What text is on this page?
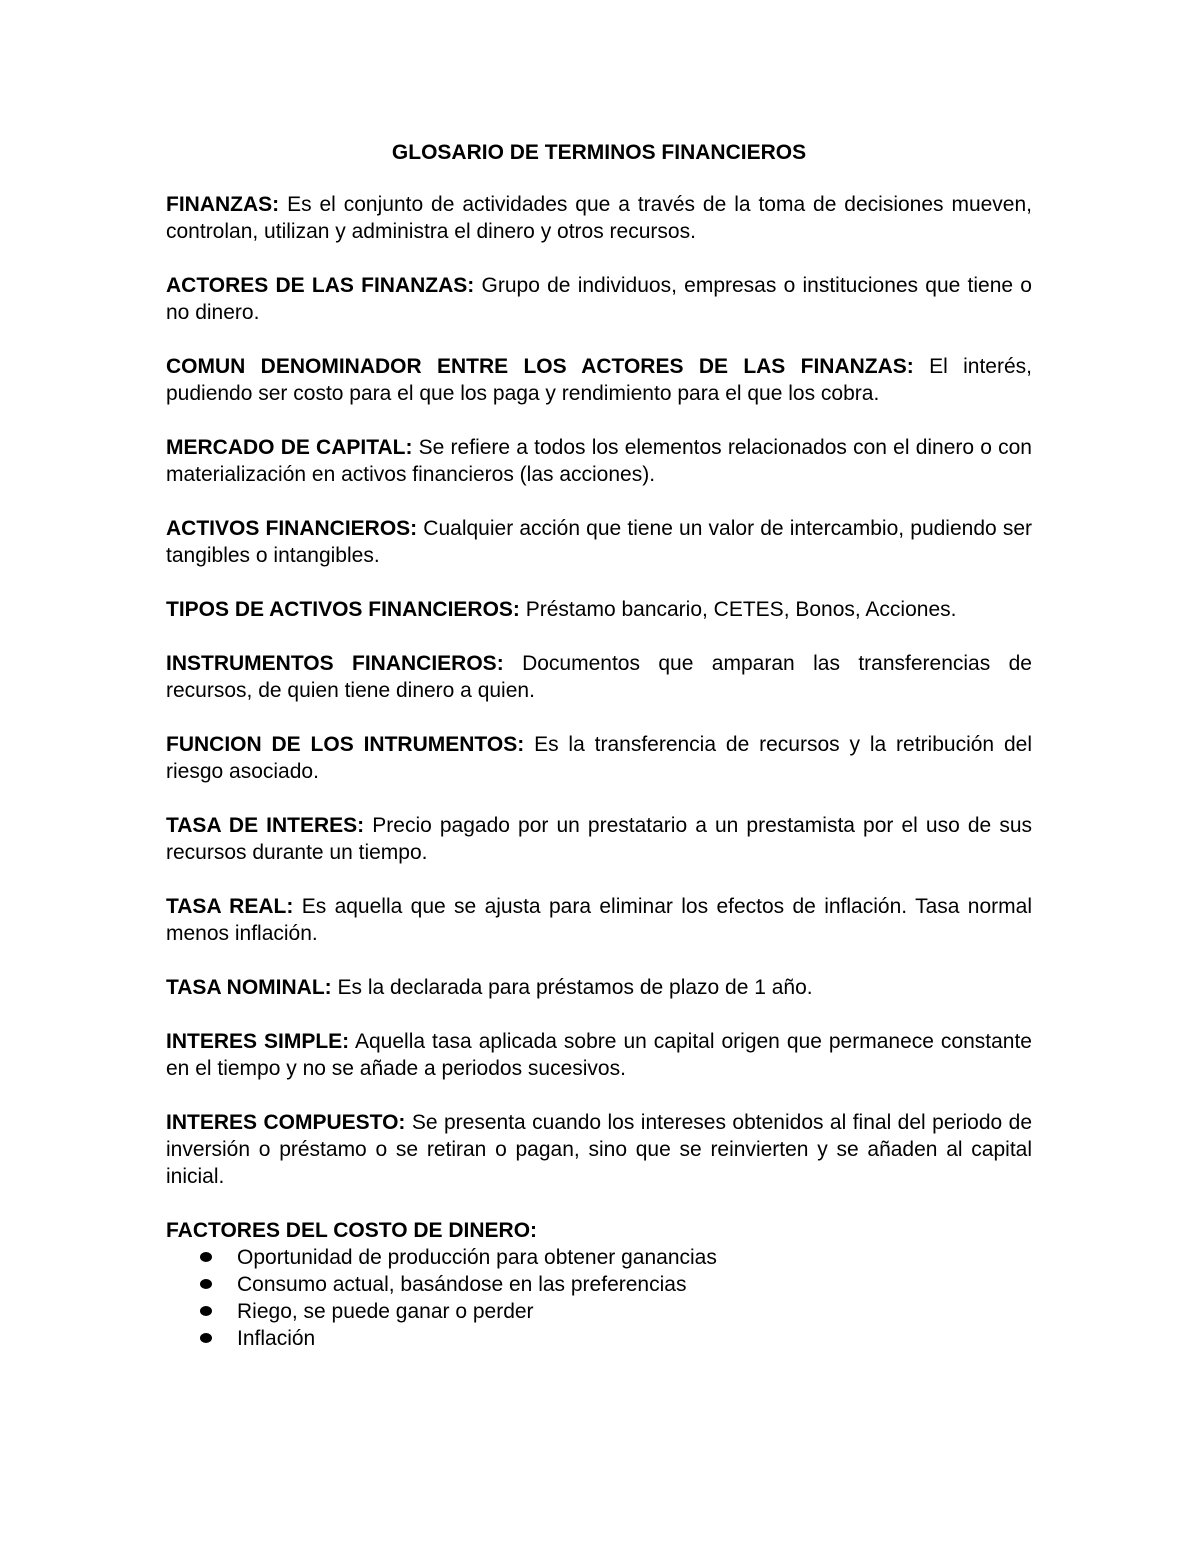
GLOSARIO DE TERMINOS FINANCIEROS

FINANZAS: Es el conjunto de actividades que a través de la toma de decisiones mueven, controlan, utilizan y administra el dinero y otros recursos.

ACTORES DE LAS FINANZAS: Grupo de individuos, empresas o instituciones que tiene o no dinero.

COMUN DENOMINADOR ENTRE LOS ACTORES DE LAS FINANZAS: El interés, pudiendo ser costo para el que los paga y rendimiento para el que los cobra.

MERCADO DE CAPITAL: Se refiere a todos los elementos relacionados con el dinero o con materialización en activos financieros (las acciones).

ACTIVOS FINANCIEROS: Cualquier acción que tiene un valor de intercambio, pudiendo ser tangibles o intangibles.

TIPOS DE ACTIVOS FINANCIEROS: Préstamo bancario, CETES, Bonos, Acciones.

INSTRUMENTOS FINANCIEROS: Documentos que amparan las transferencias de recursos, de quien tiene dinero a quien.

FUNCION DE LOS INTRUMENTOS: Es la transferencia de recursos y la retribución del riesgo asociado.

TASA DE INTERES: Precio pagado por un prestatario a un prestamista por el uso de sus recursos durante un tiempo.

TASA REAL: Es aquella que se ajusta para eliminar los efectos de inflación. Tasa normal menos inflación.

TASA NOMINAL: Es la declarada para préstamos de plazo de 1 año.

INTERES SIMPLE: Aquella tasa aplicada sobre un capital origen que permanece constante en el tiempo y no se añade a periodos sucesivos.

INTERES COMPUESTO: Se presenta cuando los intereses obtenidos al final del periodo de inversión o préstamo o se retiran o pagan, sino que se reinvierten y se añaden al capital inicial.

FACTORES DEL COSTO DE DINERO:

Oportunidad de producción para obtener ganancias
Consumo actual, basándose en las preferencias
Riego, se puede ganar o perder
Inflación
